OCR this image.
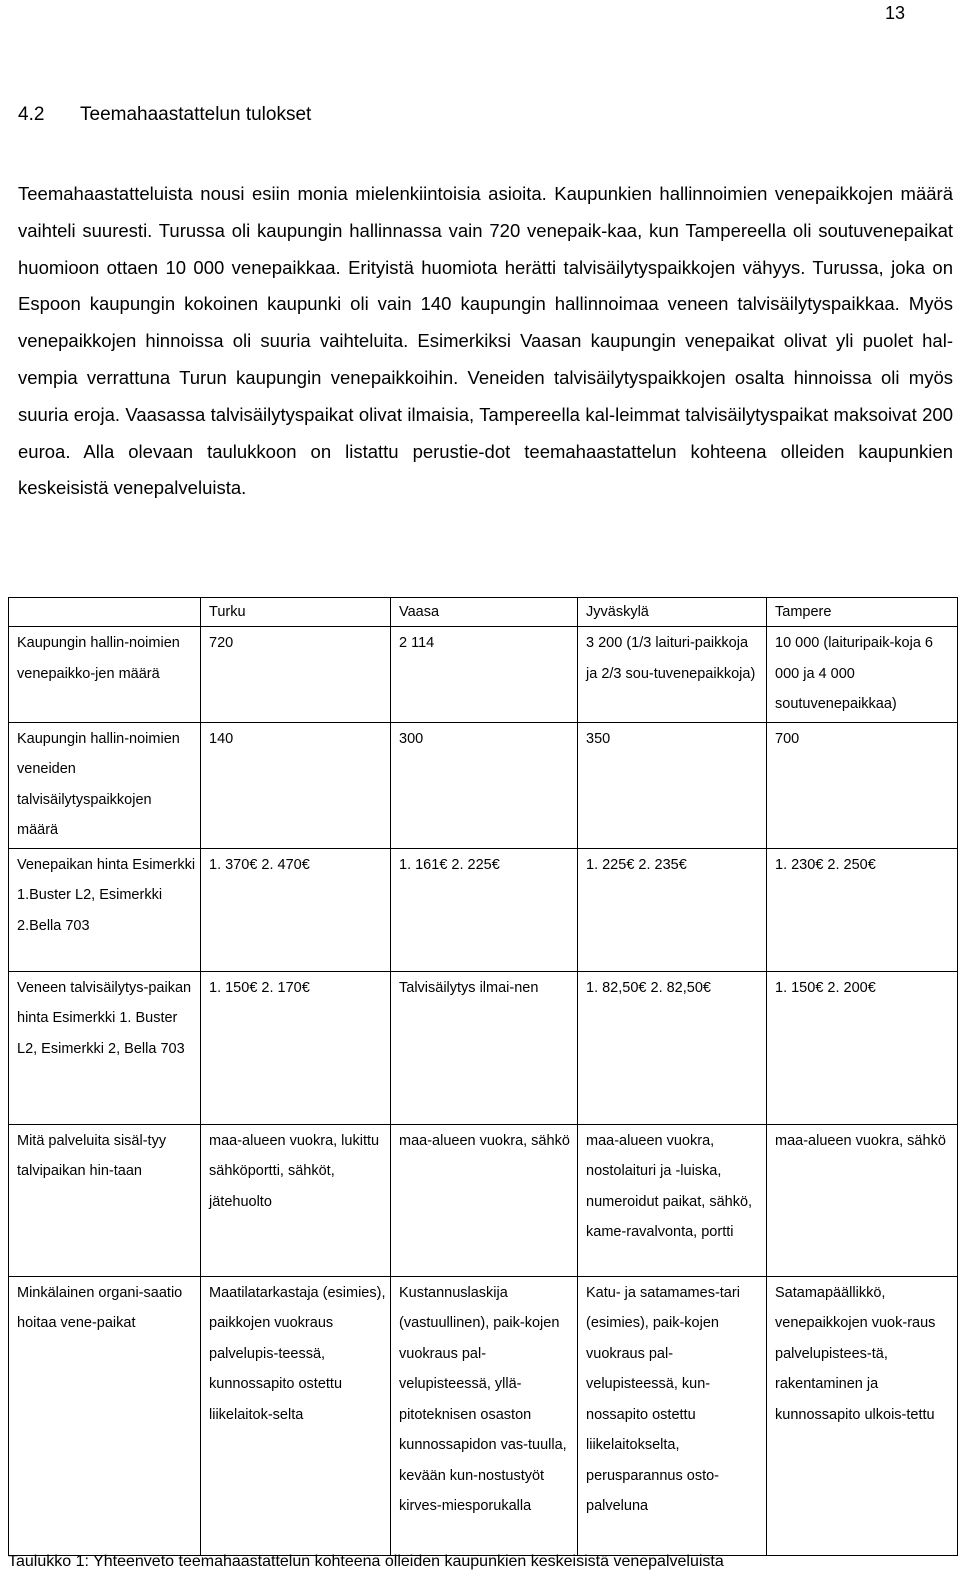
13
4.2 Teemahaastattelun tulokset

Teemahaastatteluista nousi esiin monia mielenkiintoisia asioita. Kaupunkien hallinnoimien venepaikkojen määrä vaihteli suuresti. Turussa oli kaupungin hallinnassa vain 720 venepaik-kaa, kun Tampereella oli soutuvenepaikat huomioon ottaen 10 000 venepaikkaa. Erityistä huomiota herätti talvisäilytyspaikkojen vähyys. Turussa, joka on Espoon kaupungin kokoinen kaupunki oli vain 140 kaupungin hallinnoimaa veneen talvisäilytyspaikkaa. Myös venepaikkojen hinnoissa oli suuria vaihteluita. Esimerkiksi Vaasan kaupungin venepaikat olivat yli puolet hal-vempia verrattuna Turun kaupungin venepaikkoihin. Veneiden talvisäilytyspaikkojen osalta hinnoissa oli myös suuria eroja. Vaasassa talvisäilytyspaikat olivat ilmaisia, Tampereella kal-leimmat talvisäilytyspaikat maksoivat 200 euroa. Alla olevaan taulukkoon on listattu perustie-dot teemahaastattelun kohteena olleiden kaupunkien keskeisistä venepalveluista.

	Turku	Vaasa	Jyväskylä	Tampere
Kaupungin hallin-noimien venepaikko-jen määrä	720	2 114	3 200 (1/3 laituri-paikkoja ja 2/3 sou-tuvenepaikkoja)	10 000 (laituripaik-koja 6 000 ja 4 000 soutuvenepaikkaa)
Kaupungin hallin-noimien veneiden talvisäilytyspaikkojen määrä	140	300	350	700
Venepaikan hinta Esimerkki 1.Buster L2, Esimerkki 2.Bella 703	1. 370€ 2. 470€	1. 161€ 2. 225€	1. 225€ 2. 235€	1. 230€ 2. 250€
Veneen talvisäilytys-paikan hinta Esimerkki 1. Buster L2, Esimerkki 2, Bella 703	1. 150€ 2. 170€	Talvisäilytys ilmai-nen	1. 82,50€ 2. 82,50€	1. 150€ 2. 200€
Mitä palveluita sisäl-tyy talvipaikan hin-taan	maa-alueen vuokra, lukittu sähköportti, sähköt, jätehuolto	maa-alueen vuokra, sähkö	maa-alueen vuokra, nostolaituri ja -luiska, numeroidut paikat, sähkö, kame-ravalvonta, portti	maa-alueen vuokra, sähkö
Minkälainen organi-saatio hoitaa vene-paikat	Maatilatarkastaja (esimies), paikkojen vuokraus palvelupis-teessä, kunnossapito ostettu liikelaitok-selta	Kustannuslaskija (vastuullinen), paik-kojen vuokraus pal-velupisteessä, yllä-pitoteknisen osaston kunnossapidon vas-tuulla, kevään kun-nostustyöt kirves-miesporukalla	Katu- ja satamames-tari (esimies), paik-kojen vuokraus pal-velupisteessä, kun-nossapito ostettu liikelaitokselta, perusparannus osto-palveluna	Satamapäällikkö, venepaikkojen vuok-raus palvelupistees-tä, rakentaminen ja kunnossapito ulkois-tettu
Taulukko 1: Yhteenveto teemahaastattelun kohteena olleiden kaupunkien keskeisistä venepalveluista
